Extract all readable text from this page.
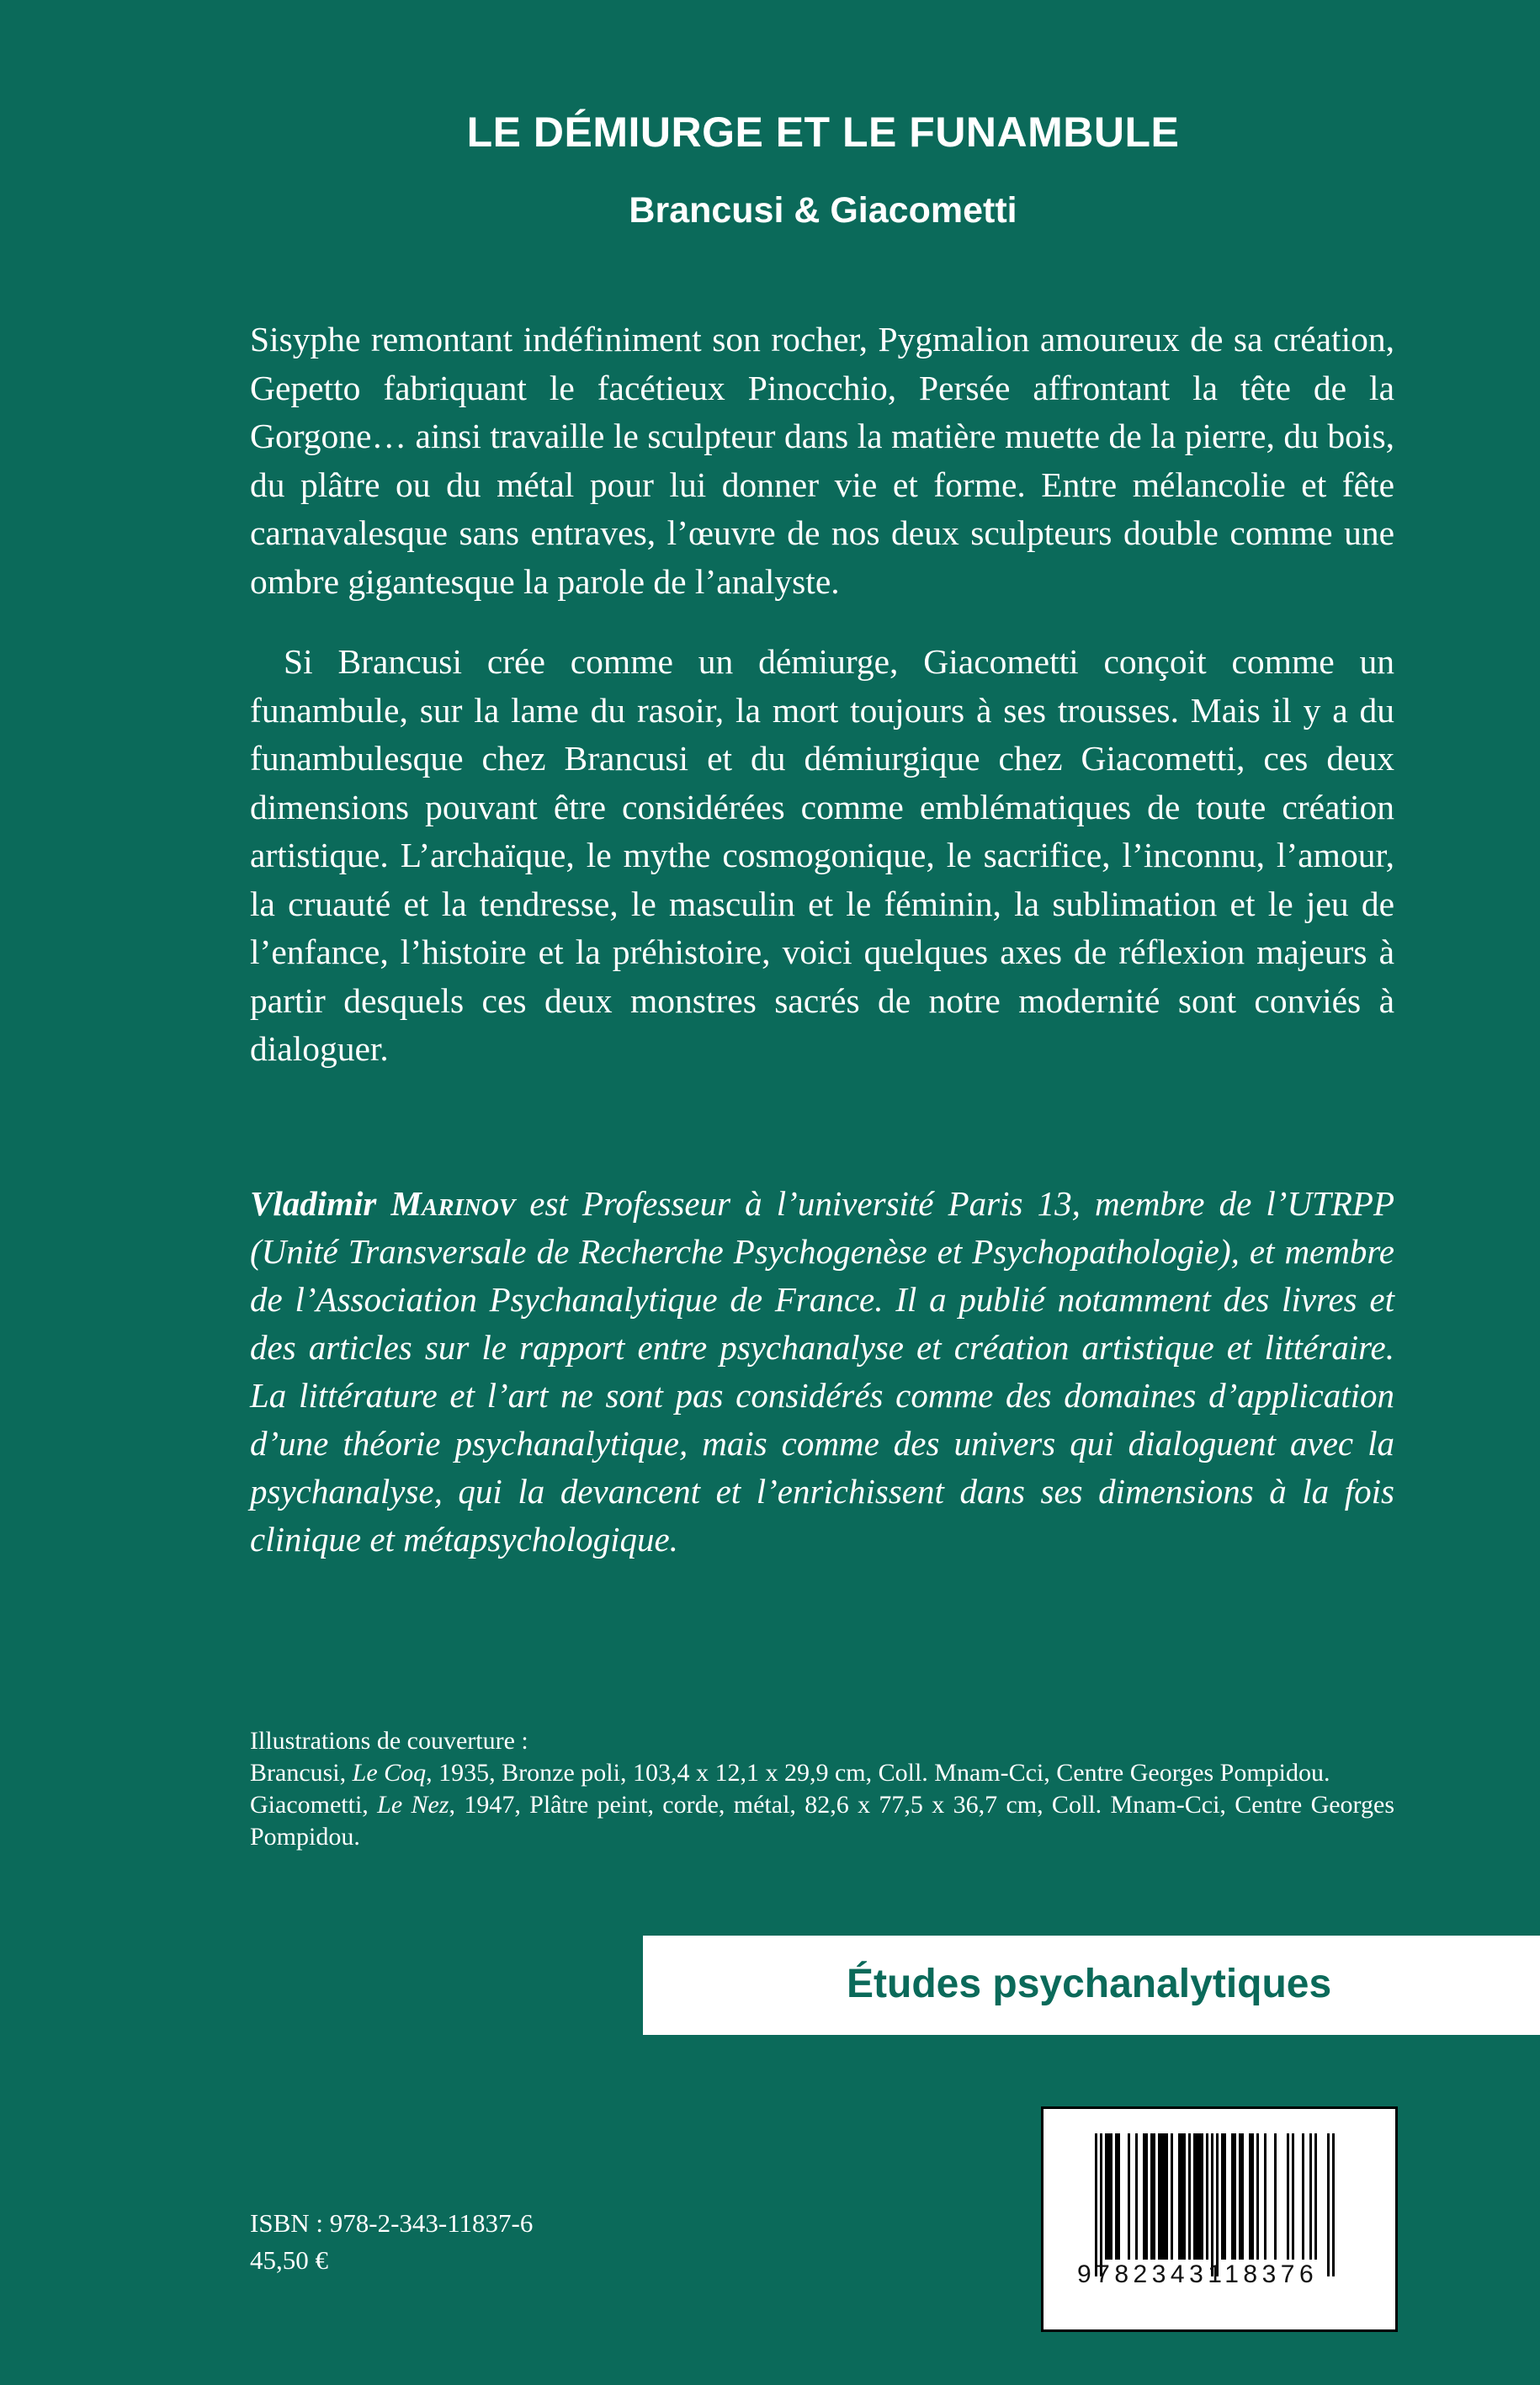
LE DÉMIURGE ET LE FUNAMBULE
Brancusi & Giacometti

Sisyphe remontant indéfiniment son rocher, Pygmalion amoureux de sa création, Gepetto fabriquant le facétieux Pinocchio, Persée affrontant la tête de la Gorgone… ainsi travaille le sculpteur dans la matière muette de la pierre, du bois, du plâtre ou du métal pour lui donner vie et forme. Entre mélancolie et fête carnavalesque sans entraves, l’œuvre de nos deux sculpteurs double comme une ombre gigantesque la parole de l’analyste.

Si Brancusi crée comme un démiurge, Giacometti conçoit comme un funambule, sur la lame du rasoir, la mort toujours à ses trousses. Mais il y a du funambulesque chez Brancusi et du démiurgique chez Giacometti, ces deux dimensions pouvant être considérées comme emblématiques de toute création artistique. L’archaïque, le mythe cosmogonique, le sacrifice, l’inconnu, l’amour, la cruauté et la tendresse, le masculin et le féminin, la sublimation et le jeu de l’enfance, l’histoire et la préhistoire, voici quelques axes de réflexion majeurs à partir desquels ces deux monstres sacrés de notre modernité sont conviés à dialoguer.

Vladimir Marinov est Professeur à l’université Paris 13, membre de l’UTRPP (Unité Transversale de Recherche Psychogenèse et Psychopathologie), et membre de l’Association Psychanalytique de France. Il a publié notamment des livres et des articles sur le rapport entre psychanalyse et création artistique et littéraire. La littérature et l’art ne sont pas considérés comme des domaines d’application d’une théorie psychanalytique, mais comme des univers qui dialoguent avec la psychanalyse, qui la devancent et l’enrichissent dans ses dimensions à la fois clinique et métapsychologique.

Illustrations de couverture :

Brancusi, Le Coq, 1935, Bronze poli, 103,4 x 12,1 x 29,9 cm, Coll. Mnam-Cci, Centre Georges Pompidou.

Giacometti, Le Nez, 1947, Plâtre peint, corde, métal, 82,6 x 77,5 x 36,7 cm, Coll. Mnam-Cci, Centre Georges Pompidou.

Études psychanalytiques
ISBN : 978-2-343-11837-6
45,50 €	9782343118376
